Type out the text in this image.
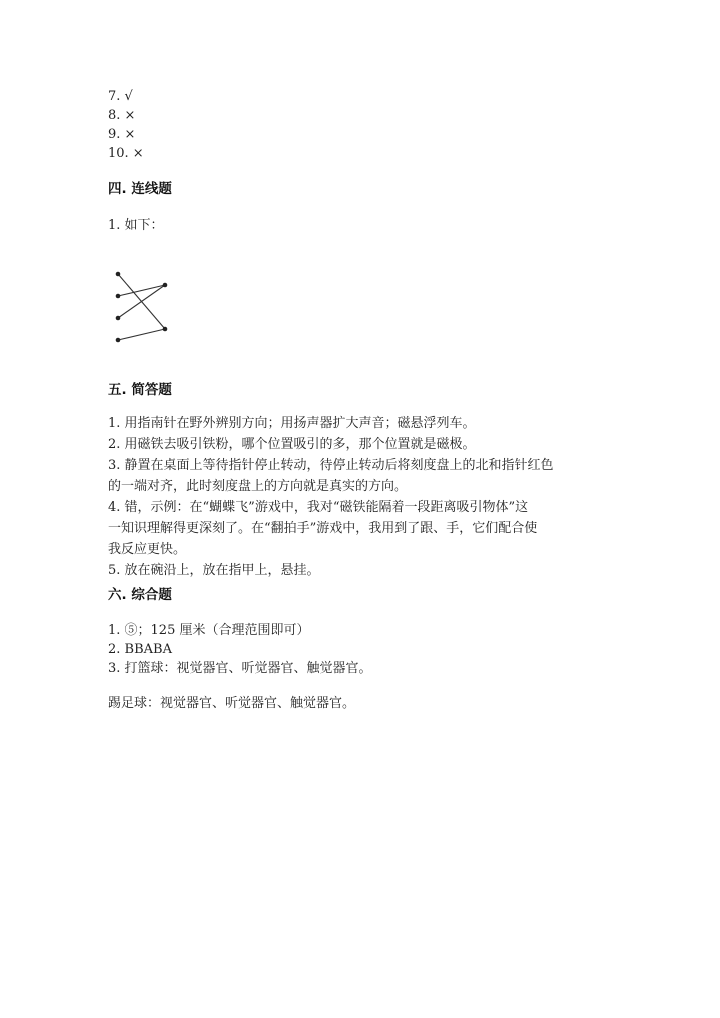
7. √
8. ×
9. ×
10. ×
四. 连线题
1. 如下：
五. 简答题
1. 用指南针在野外辨别方向；用扬声器扩大声音；磁悬浮列车。
2. 用磁铁去吸引铁粉，哪个位置吸引的多，那个位置就是磁极。
3. 静置在桌面上等待指针停止转动，待停止转动后将刻度盘上的北和指针红色
的一端对齐，此时刻度盘上的方向就是真实的方向。
4. 错，示例：在“蝴蝶飞”游戏中，我对“磁铁能隔着一段距离吸引物体”这
一知识理解得更深刻了。在“翻拍手”游戏中，我用到了跟、手，它们配合使
我反应更快。
5. 放在碗沿上，放在指甲上，悬挂。
六. 综合题
1. ⑤；125 厘米（合理范围即可）
2. BBABA
3. 打篮球：视觉器官、听觉器官、触觉器官。
踢足球：视觉器官、听觉器官、触觉器官。
